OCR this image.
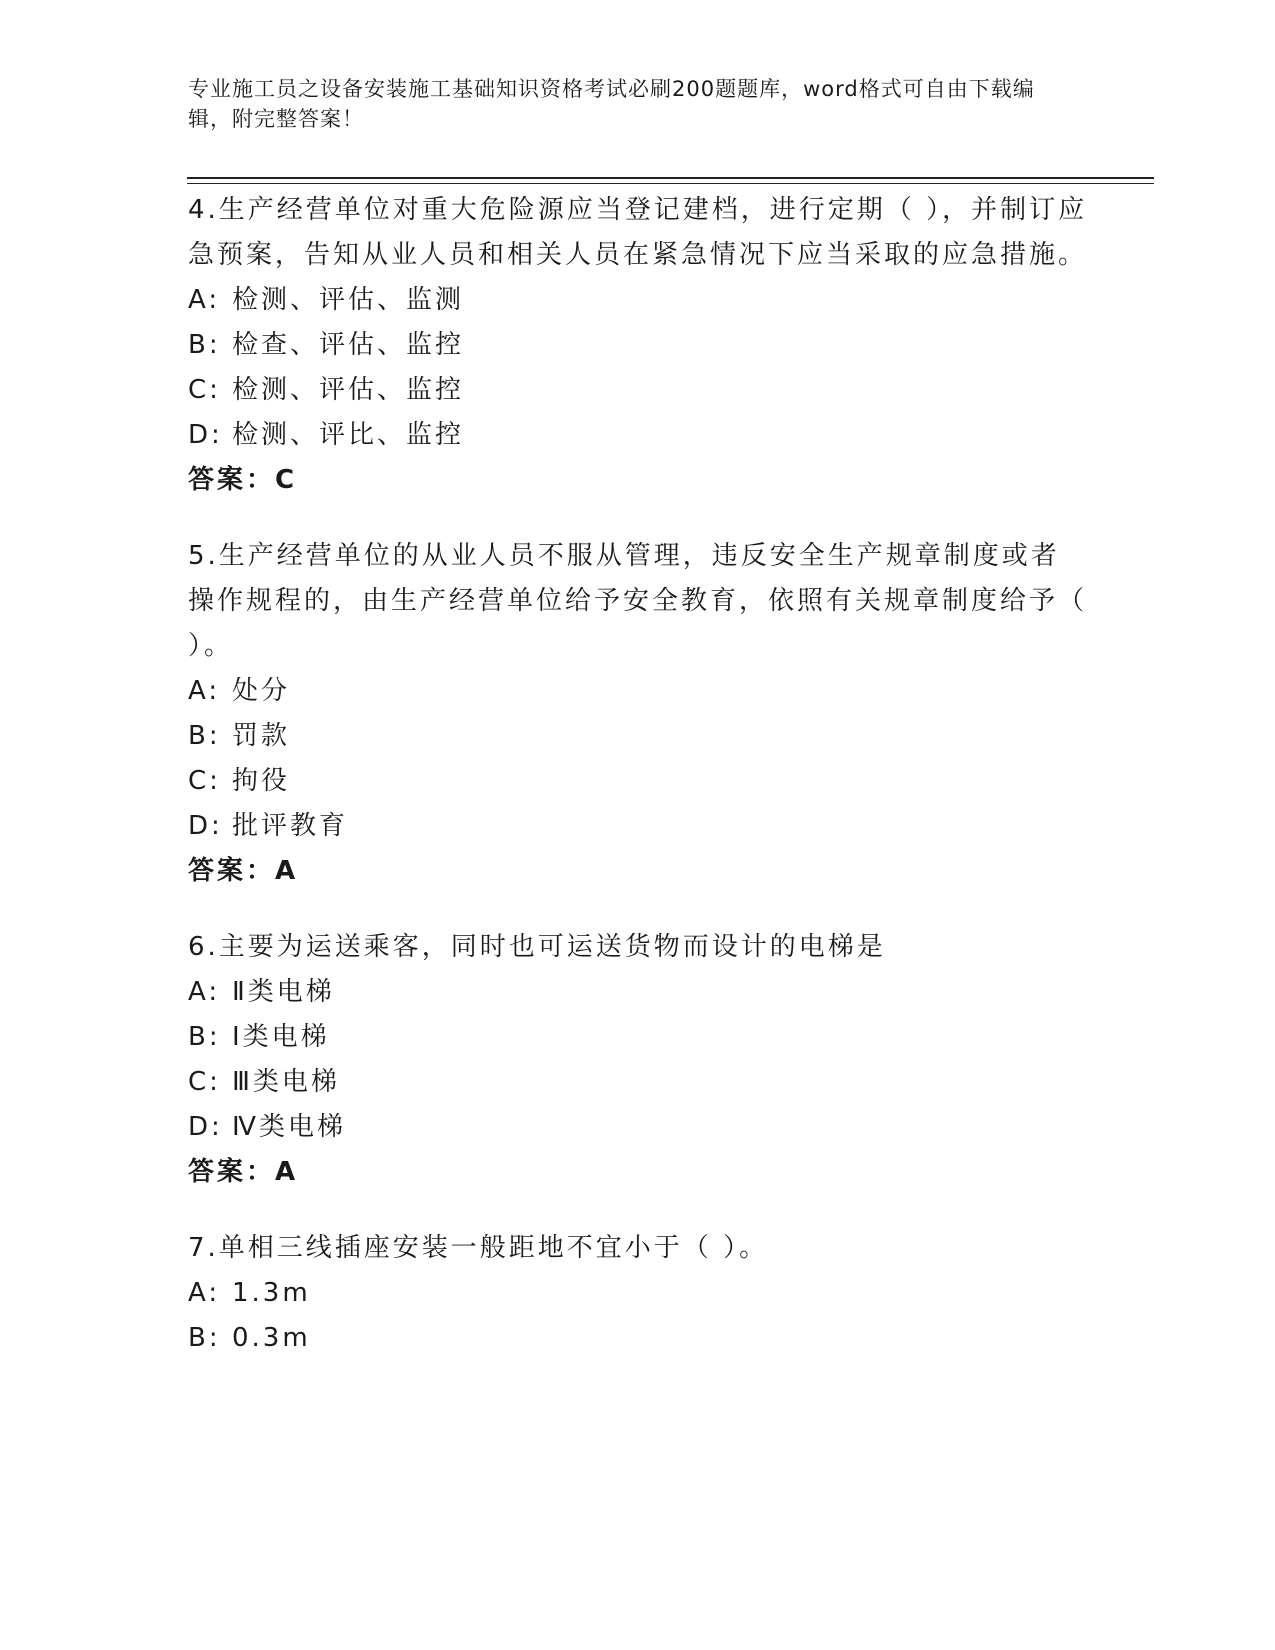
专业施工员之设备安装施工基础知识资格考试必刷200题题库，word格式可自由下载编辑，附完整答案！

4.生产经营单位对重大危险源应当登记建档，进行定期（ ），并制订应急预案，告知从业人员和相关人员在紧急情况下应当采取的应急措施。

A: 检测、评估、监测

B: 检查、评估、监控

C: 检测、评估、监控

D: 检测、评比、监控

答案：C

5.生产经营单位的从业人员不服从管理，违反安全生产规章制度或者操作规程的，由生产经营单位给予安全教育，依照有关规章制度给予（ ）。

A: 处分

B: 罚款

C: 拘役

D: 批评教育

答案：A

6.主要为运送乘客，同时也可运送货物而设计的电梯是

A: Ⅱ类电梯

B: Ⅰ类电梯

C: Ⅲ类电梯

D: Ⅳ类电梯

答案：A

7.单相三线插座安装一般距地不宜小于（ ）。

A: 1.3m

B: 0.3m
